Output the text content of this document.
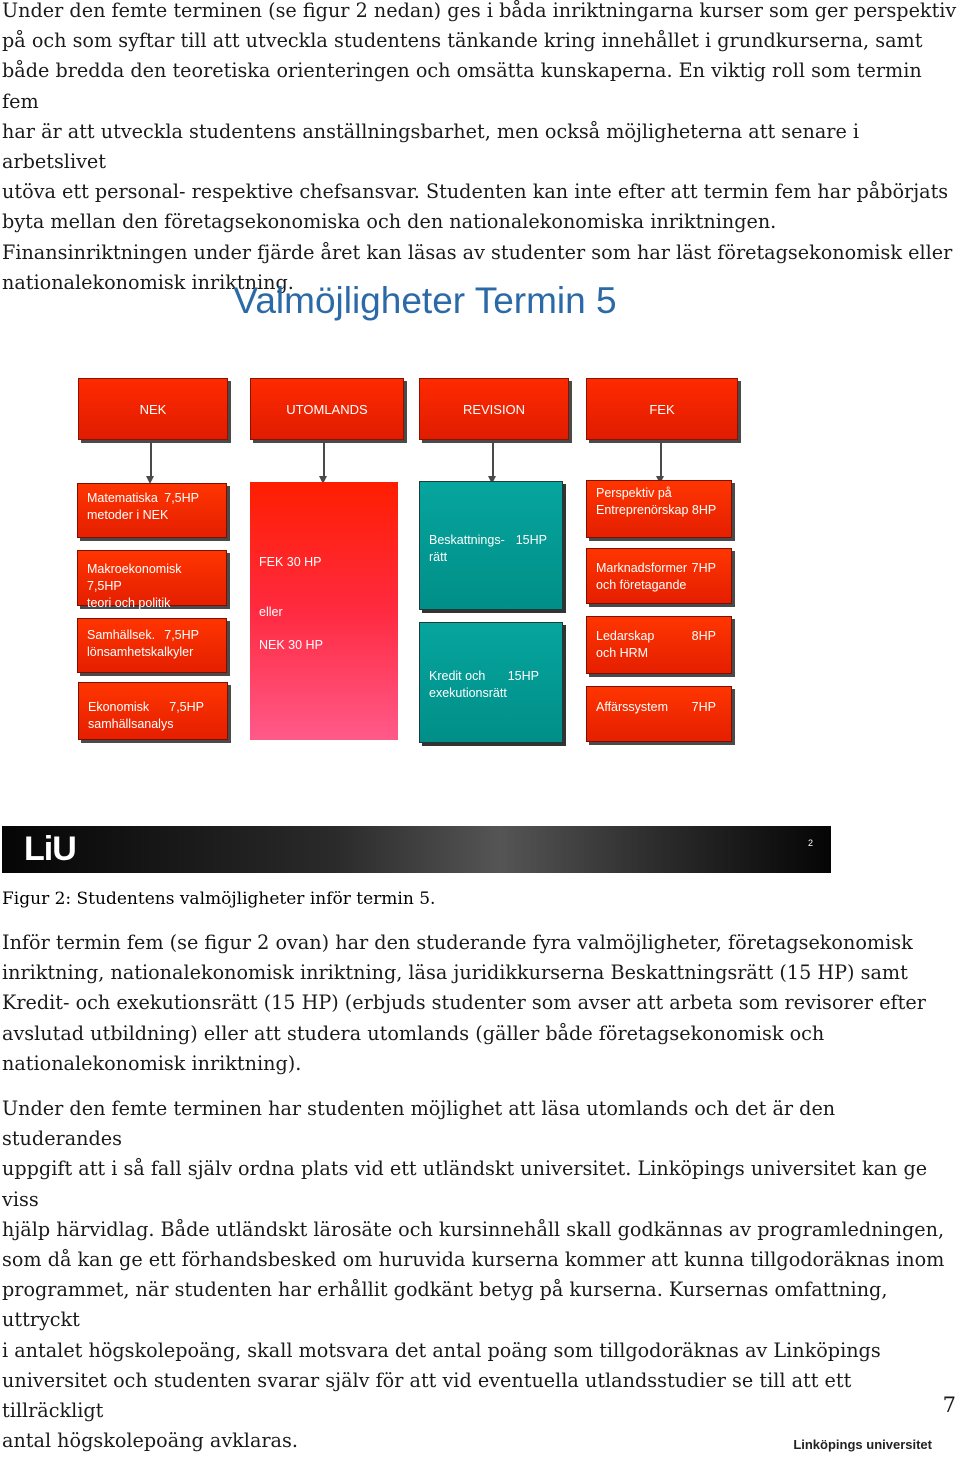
Under den femte terminen (se figur 2 nedan) ges i båda inriktningarna kurser som ger perspektiv
på och som syftar till att utveckla studentens tänkande kring innehållet i grundkurserna, samt
både bredda den teoretiska orienteringen och omsätta kunskaperna. En viktig roll som termin fem
har är att utveckla studentens anställningsbarhet, men också möjligheterna att senare i arbetslivet
utöva ett personal- respektive chefsansvar. Studenten kan inte efter att termin fem har påbörjats
byta mellan den företagsekonomiska och den nationalekonomiska inriktningen.
Finansinriktningen under fjärde året kan läsas av studenter som har läst företagsekonomisk eller
nationalekonomisk inriktning.

Valmöjligheter Termin 5
NEK	UTOMLANDS	REVISION	FEK
Matematiska 7,5HP
metoder i NEK
Makroekonomisk 7,5HP
teori och politik
Samhällsek. 7,5HP
lönsamhetskalkyler
Ekonomisk 7,5HP
samhällsanalys
FEK 30 HP
eller
NEK 30 HP
Beskattnings- 15HP
rätt
Kredit och 15HP
exekutionsrätt
Perspektiv på
Entreprenörskap 8HP
Marknadsformer 7HP
och företagande
Ledarskap	8HP
och HRM
Affärssystem 7HP
LiU	2
Figur 2: Studentens valmöjligheter inför termin 5.

Inför termin fem (se figur 2 ovan) har den studerande fyra valmöjligheter, företagsekonomisk
inriktning, nationalekonomisk inriktning, läsa juridikkurserna Beskattningsrätt (15 HP) samt
Kredit- och exekutionsrätt (15 HP) (erbjuds studenter som avser att arbeta som revisorer efter
avslutad utbildning) eller att studera utomlands (gäller både företagsekonomisk och
nationalekonomisk inriktning).

Under den femte terminen har studenten möjlighet att läsa utomlands och det är den studerandes
uppgift att i så fall själv ordna plats vid ett utländskt universitet. Linköpings universitet kan ge viss
hjälp härvidlag. Både utländskt lärosäte och kursinnehåll skall godkännas av programledningen,
som då kan ge ett förhandsbesked om huruvida kurserna kommer att kunna tillgodoräknas inom
programmet, när studenten har erhållit godkänt betyg på kurserna. Kursernas omfattning, uttryckt
i antalet högskolepoäng, skall motsvara det antal poäng som tillgodoräknas av Linköpings
universitet och studenten svarar själv för att vid eventuella utlandsstudier se till att ett tillräckligt
antal högskolepoäng avklaras.

7
Linköpings universitet
